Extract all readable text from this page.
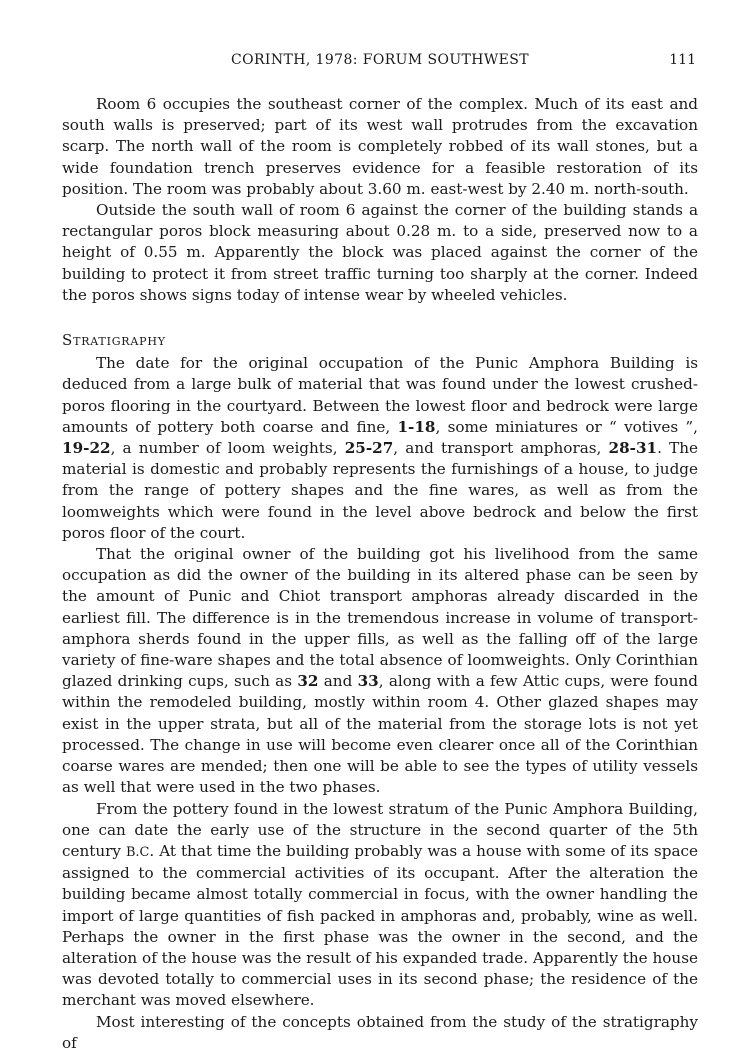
CORINTH, 1978: FORUM SOUTHWEST	111

Room 6 occupies the southeast corner of the complex. Much of its east and south walls is preserved; part of its west wall protrudes from the excavation scarp. The north wall of the room is completely robbed of its wall stones, but a wide foundation trench preserves evidence for a feasible restoration of its position. The room was probably about 3.60 m. east-west by 2.40 m. north-south.

Outside the south wall of room 6 against the corner of the building stands a rectangular poros block measuring about 0.28 m. to a side, preserved now to a height of 0.55 m. Apparently the block was placed against the corner of the building to protect it from street traffic turning too sharply at the corner. Indeed the poros shows signs today of intense wear by wheeled vehicles.

Stratigraphy

The date for the original occupation of the Punic Amphora Building is deduced from a large bulk of material that was found under the lowest crushed-poros flooring in the courtyard. Between the lowest floor and bedrock were large amounts of pottery both coarse and fine, 1-18, some miniatures or “ votives ”, 19-22, a number of loom weights, 25-27, and transport amphoras, 28-31. The material is domestic and probably represents the furnishings of a house, to judge from the range of pottery shapes and the fine wares, as well as from the loomweights which were found in the level above bedrock and below the first poros floor of the court.

That the original owner of the building got his livelihood from the same occupation as did the owner of the building in its altered phase can be seen by the amount of Punic and Chiot transport amphoras already discarded in the earliest fill. The difference is in the tremendous increase in volume of transport-amphora sherds found in the upper fills, as well as the falling off of the large variety of fine-ware shapes and the total absence of loomweights. Only Corinthian glazed drinking cups, such as 32 and 33, along with a few Attic cups, were found within the remodeled building, mostly within room 4. Other glazed shapes may exist in the upper strata, but all of the material from the storage lots is not yet processed. The change in use will become even clearer once all of the Corinthian coarse wares are mended; then one will be able to see the types of utility vessels as well that were used in the two phases.

From the pottery found in the lowest stratum of the Punic Amphora Building, one can date the early use of the structure in the second quarter of the 5th century B.C. At that time the building probably was a house with some of its space assigned to the commercial activities of its occupant. After the alteration the building became almost totally commercial in focus, with the owner handling the import of large quantities of fish packed in amphoras and, probably, wine as well. Perhaps the owner in the first phase was the owner in the second, and the alteration of the house was the result of his expanded trade. Apparently the house was devoted totally to commercial uses in its second phase; the residence of the merchant was moved elsewhere.

Most interesting of the concepts obtained from the study of the stratigraphy of
